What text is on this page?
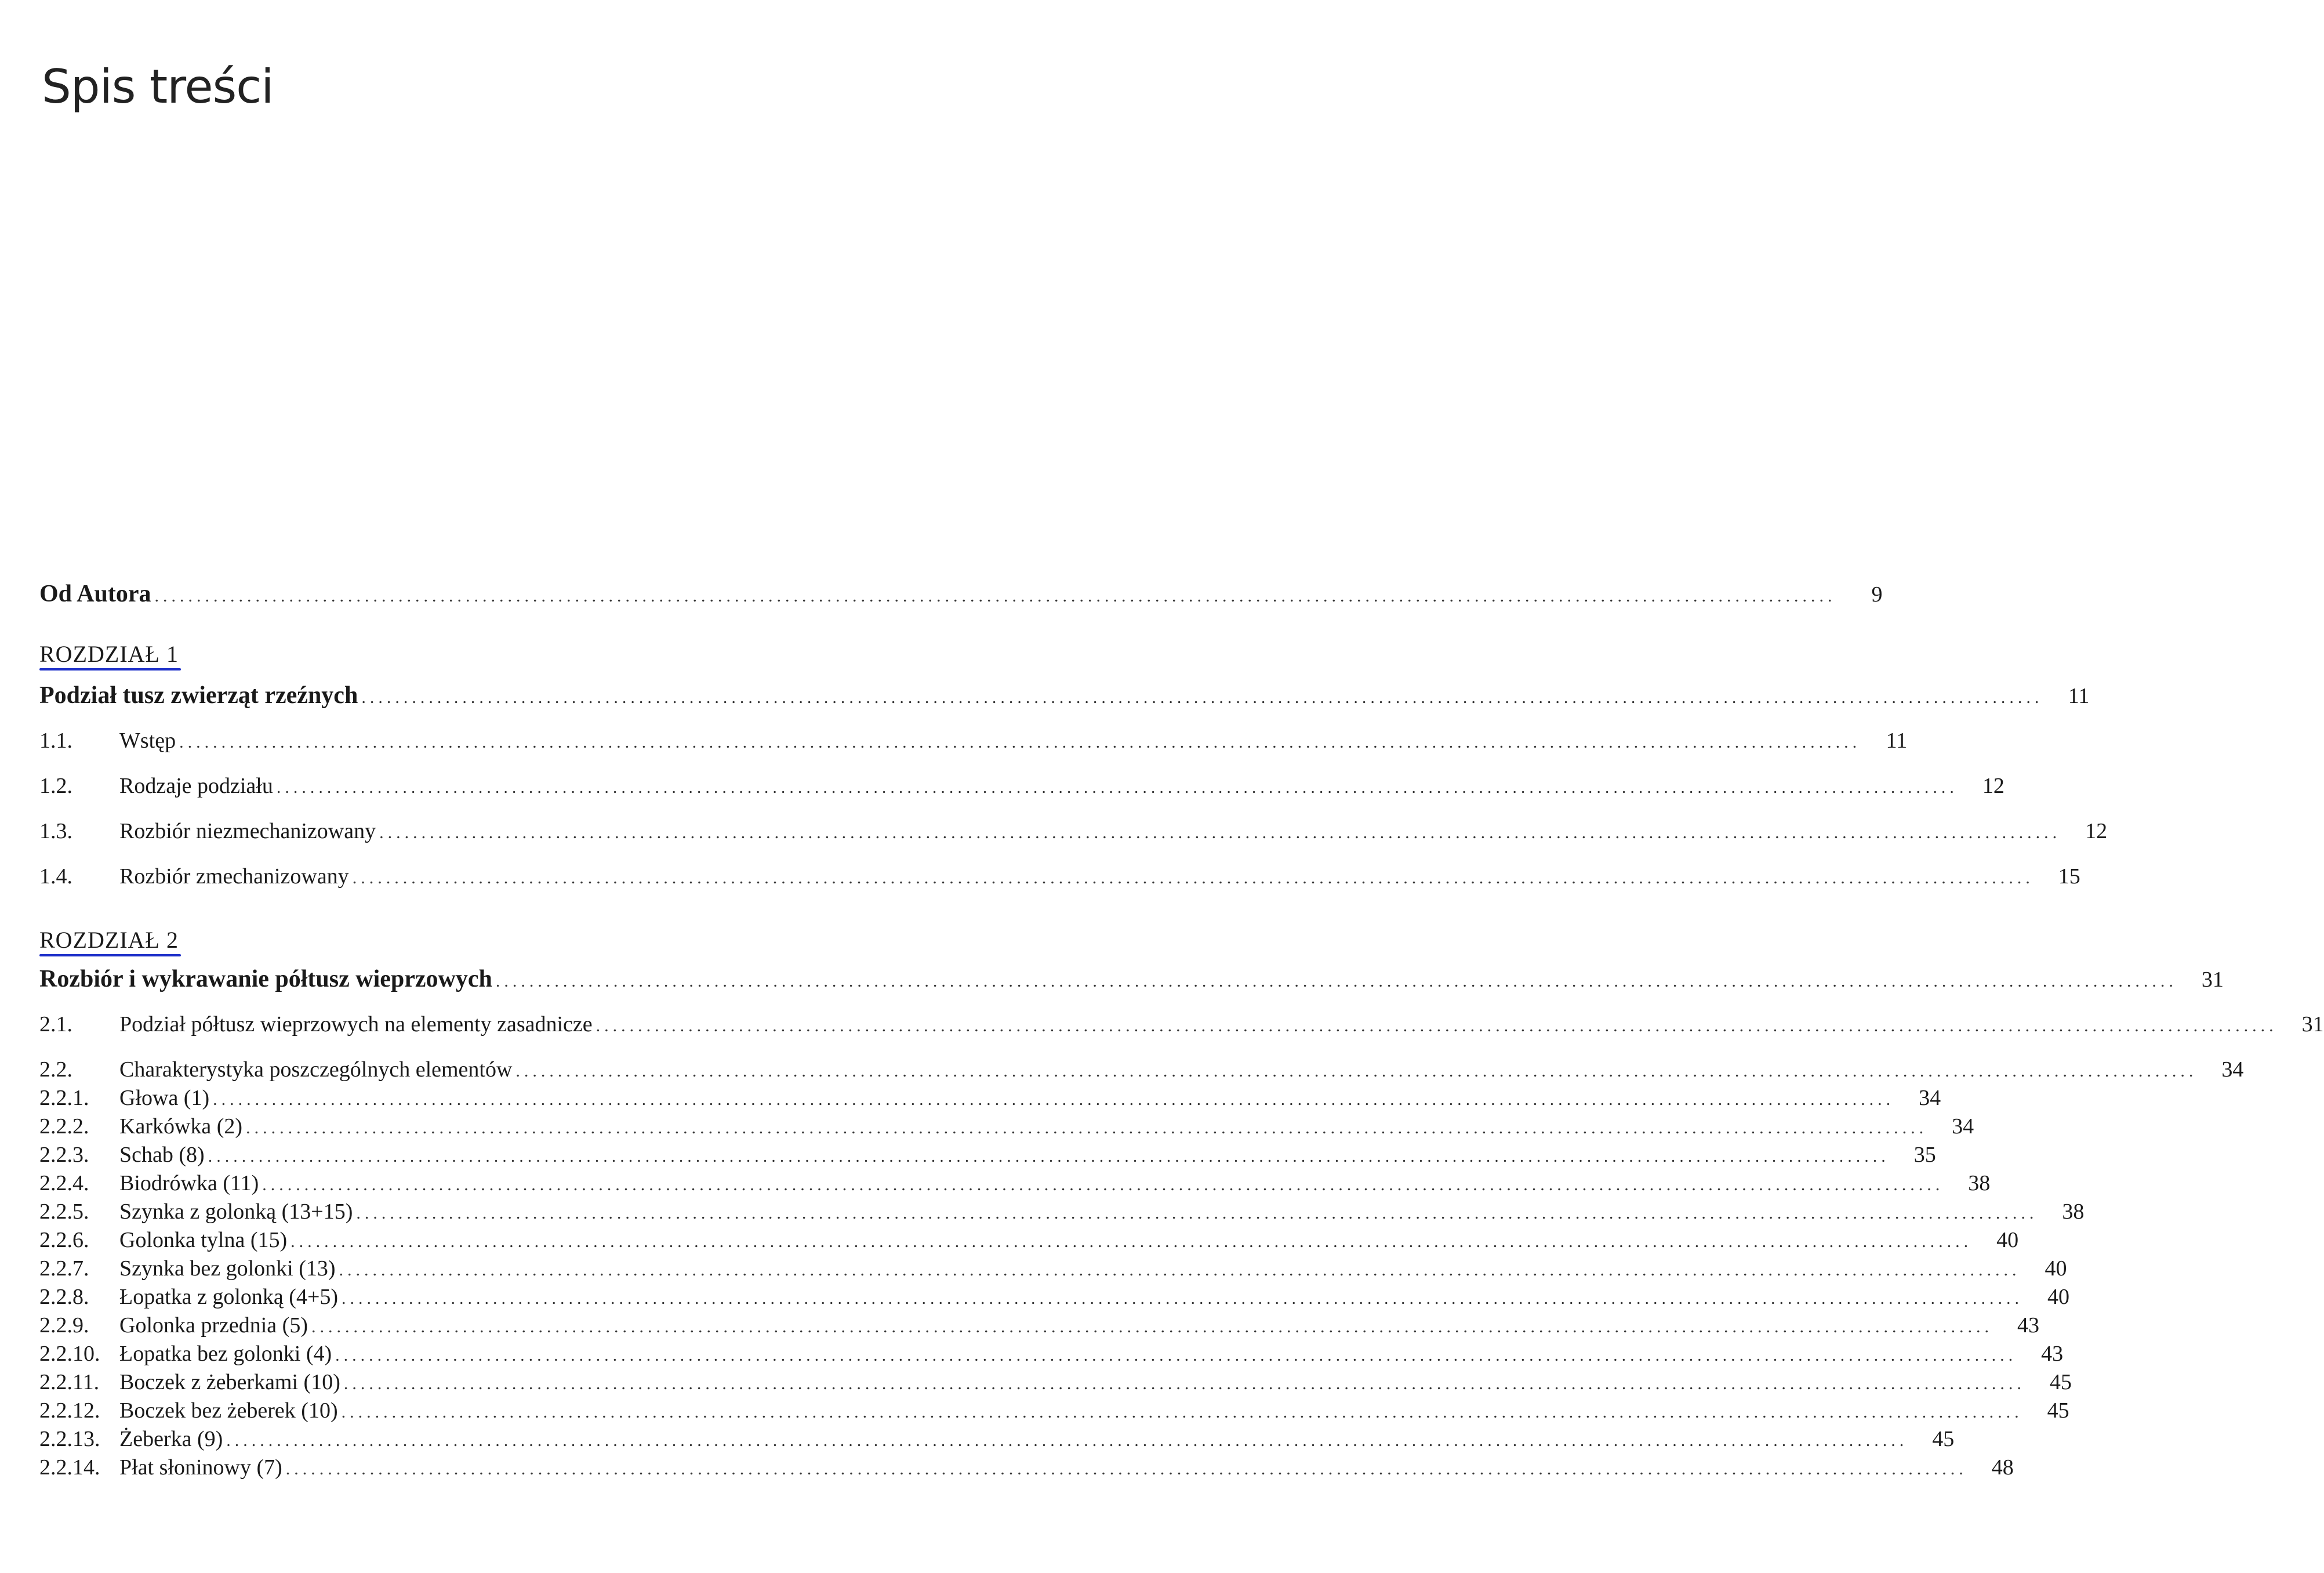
Spis treści
Od Autora ........................................................................................................................................................................................................	9
ROZDZIAŁ 1
Podział tusz zwierząt rzeźnych ........................................................................................................................................................................................................	11
1.1.	Wstęp ........................................................................................................................................................................................................	11
1.2.	Rodzaje podziału ........................................................................................................................................................................................................	12
1.3.	Rozbiór niezmechanizowany ........................................................................................................................................................................................................	12
1.4.	Rozbiór zmechanizowany ........................................................................................................................................................................................................	15
ROZDZIAŁ 2
Rozbiór i wykrawanie półtusz wieprzowych ........................................................................................................................................................................................................	31
2.1.	Podział półtusz wieprzowych na elementy zasadnicze ........................................................................................................................................................................................................	31
2.2.	Charakterystyka poszczególnych elementów ........................................................................................................................................................................................................	34
2.2.1.	Głowa (1) ........................................................................................................................................................................................................	34
2.2.2.	Karkówka (2) ........................................................................................................................................................................................................	34
2.2.3.	Schab (8) ........................................................................................................................................................................................................	35
2.2.4.	Biodrówka (11) ........................................................................................................................................................................................................	38
2.2.5.	Szynka z golonką (13+15) ........................................................................................................................................................................................................	38
2.2.6.	Golonka tylna (15) ........................................................................................................................................................................................................	40
2.2.7.	Szynka bez golonki (13) ........................................................................................................................................................................................................	40
2.2.8.	Łopatka z golonką (4+5) ........................................................................................................................................................................................................	40
2.2.9.	Golonka przednia (5) ........................................................................................................................................................................................................	43
2.2.10. Łopatka bez golonki (4) ........................................................................................................................................................................................................	43
2.2.11. Boczek z żeberkami (10) ........................................................................................................................................................................................................	45
2.2.12. Boczek bez żeberek (10) ........................................................................................................................................................................................................	45
2.2.13. Żeberka (9) ........................................................................................................................................................................................................	45
2.2.14. Płat słoninowy (7) ........................................................................................................................................................................................................	48
